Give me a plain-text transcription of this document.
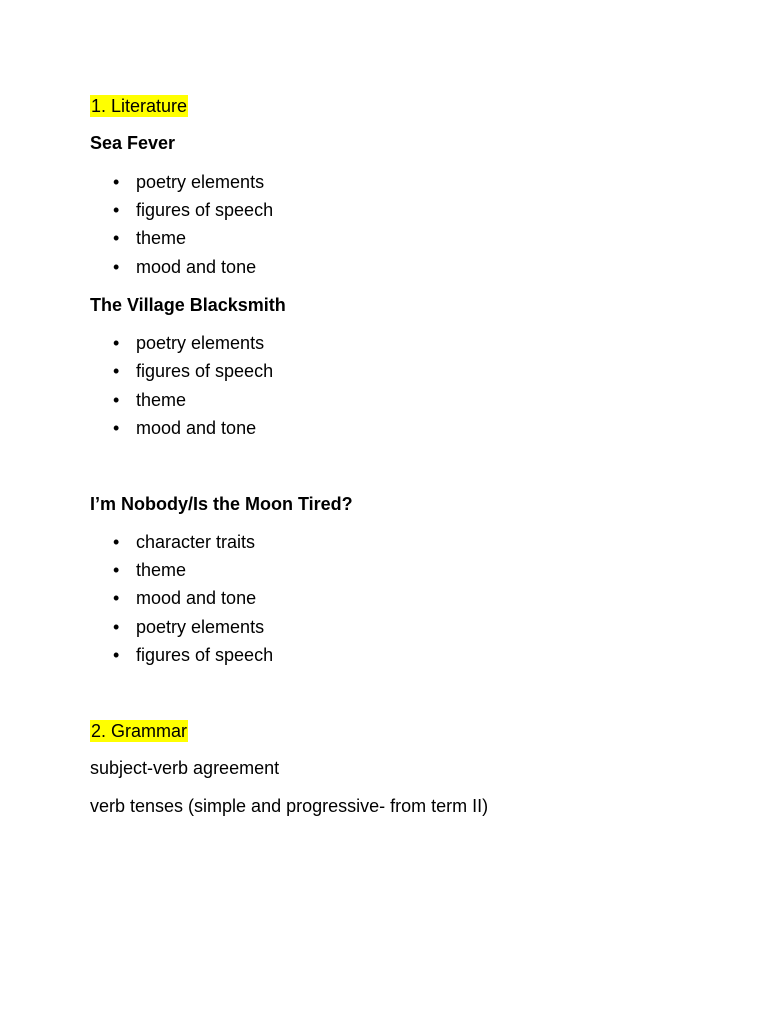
1. Literature
Sea Fever
• poetry elements
• figures of speech
• theme
• mood and tone
The Village Blacksmith
• poetry elements
• figures of speech
• theme
• mood and tone
I’m Nobody/Is the Moon Tired?
• character traits
• theme
• mood and tone
• poetry elements
• figures of speech
2. Grammar
subject-verb agreement
verb tenses (simple and progressive- from term II)
